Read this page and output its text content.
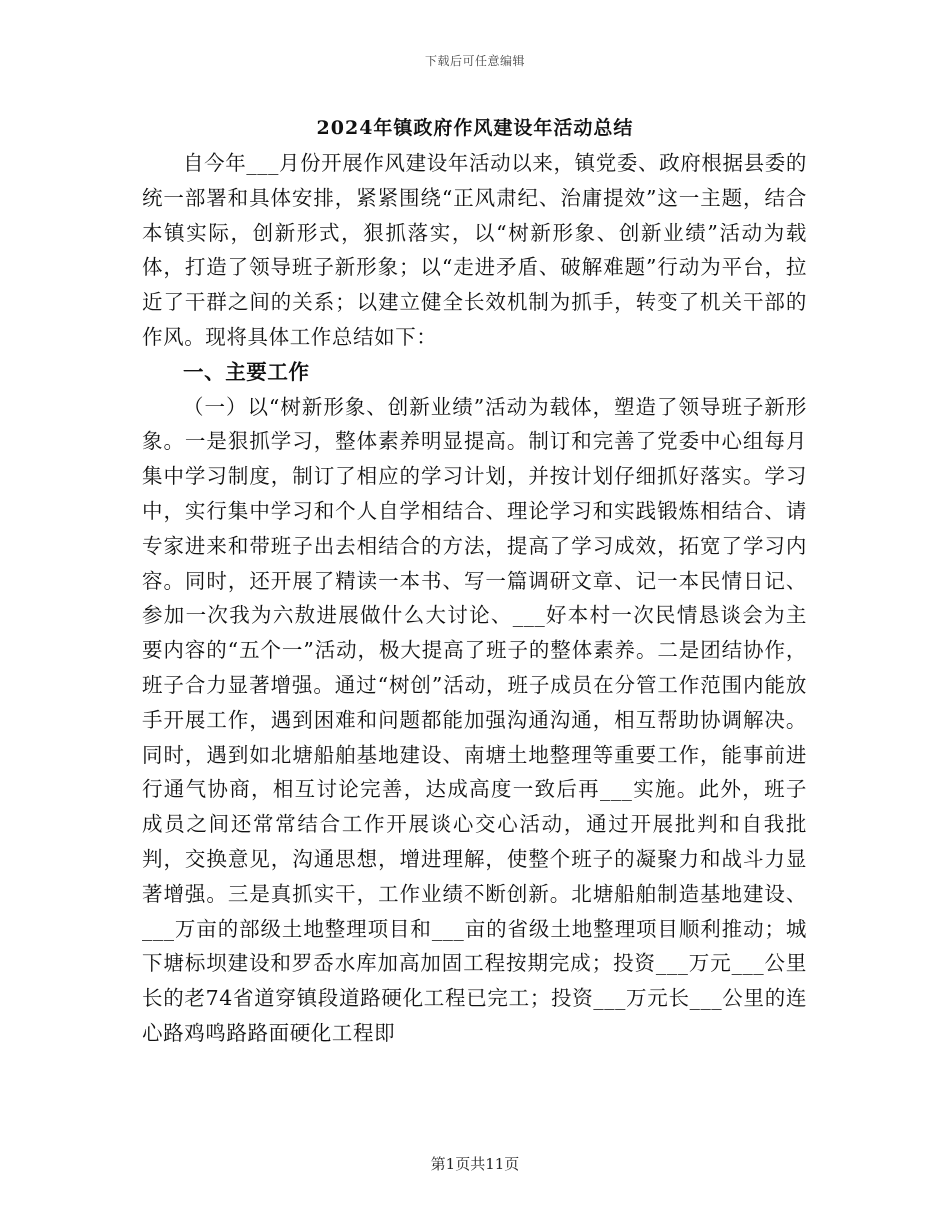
下载后可任意编辑
2024年镇政府作风建设年活动总结

自今年___月份开展作风建设年活动以来，镇党委、政府根据县委的统一部署和具体安排，紧紧围绕“正风肃纪、治庸提效”这一主题，结合本镇实际，创新形式，狠抓落实，以“树新形象、创新业绩”活动为载体，打造了领导班子新形象；以“走进矛盾、破解难题”行动为平台，拉近了干群之间的关系；以建立健全长效机制为抓手，转变了机关干部的作风。现将具体工作总结如下：

一、主要工作

（一）以“树新形象、创新业绩”活动为载体，塑造了领导班子新形象。一是狠抓学习，整体素养明显提高。制订和完善了党委中心组每月集中学习制度，制订了相应的学习计划，并按计划仔细抓好落实。学习中，实行集中学习和个人自学相结合、理论学习和实践锻炼相结合、请专家进来和带班子出去相结合的方法，提高了学习成效，拓宽了学习内容。同时，还开展了精读一本书、写一篇调研文章、记一本民情日记、参加一次我为六敖进展做什么大讨论、___好本村一次民情恳谈会为主要内容的“五个一”活动，极大提高了班子的整体素养。二是团结协作，班子合力显著增强。通过“树创”活动，班子成员在分管工作范围内能放手开展工作，遇到困难和问题都能加强沟通沟通，相互帮助协调解决。同时，遇到如北塘船舶基地建设、南塘土地整理等重要工作，能事前进行通气协商，相互讨论完善，达成高度一致后再___实施。此外，班子成员之间还常常结合工作开展谈心交心活动，通过开展批判和自我批判，交换意见，沟通思想，增进理解，使整个班子的凝聚力和战斗力显著增强。三是真抓实干，工作业绩不断创新。北塘船舶制造基地建设、___万亩的部级土地整理项目和___亩的省级土地整理项目顺利推动；城下塘标坝建设和罗岙水库加高加固工程按期完成；投资___万元___公里长的老74省道穿镇段道路硬化工程已完工；投资___万元长___公里的连心路鸡鸣路路面硬化工程即

第1页共11页
